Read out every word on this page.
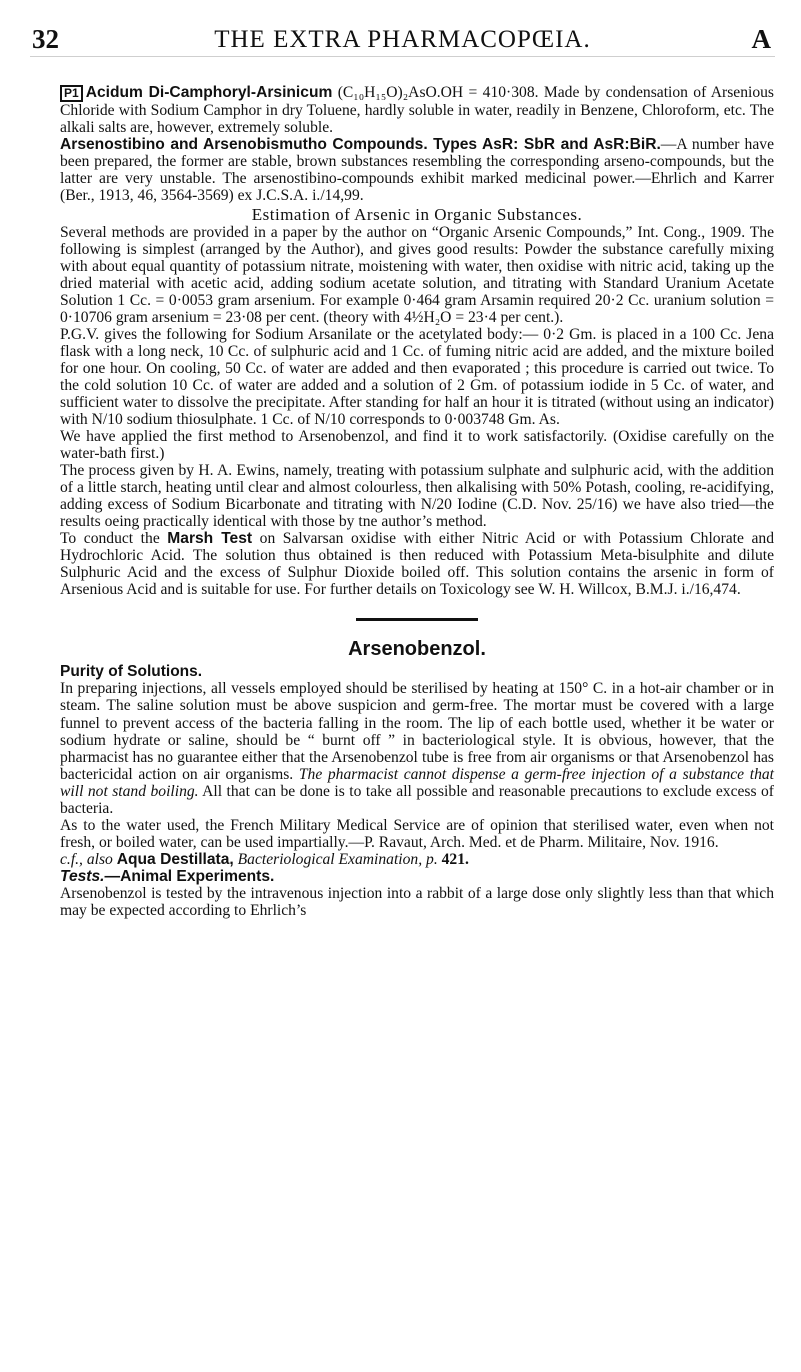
32	THE EXTRA PHARMACOPŒIA.	A

P1 Acidum Di-Camphoryl-Arsinicum (C₁₀H₁₅O)₂AsO.OH = 410·308. Made by condensation of Arsenious Chloride with Sodium Camphor in dry Toluene, hardly soluble in water, readily in Benzene, Chloroform, etc. The alkali salts are, however, extremely soluble.

Arsenostibino and Arsenobismutho Compounds. Types AsR: SbR and AsR:BiR.—A number have been prepared, the former are stable, brown substances resembling the corresponding arseno-compounds, but the latter are very unstable. The arsenostibino-compounds exhibit marked medicinal power.—Ehrlich and Karrer (Ber., 1913, 46, 3564-3569) ex J.C.S.A. i./14,99.

Estimation of Arsenic in Organic Substances.

Several methods are provided in a paper by the author on “Organic Arsenic Compounds,” Int. Cong., 1909. The following is simplest (arranged by the Author), and gives good results: Powder the substance carefully mixing with about equal quantity of potassium nitrate, moistening with water, then oxidise with nitric acid, taking up the dried material with acetic acid, adding sodium acetate solution, and titrating with Standard Uranium Acetate Solution 1 Cc. = 0·0053 gram arsenium. For example 0·464 gram Arsamin required 20·2 Cc. uranium solution = 0·10706 gram arsenium = 23·08 per cent. (theory with 4½H₂O = 23·4 per cent.).

P.G.V. gives the following for Sodium Arsanilate or the acetylated body:— 0·2 Gm. is placed in a 100 Cc. Jena flask with a long neck, 10 Cc. of sulphuric acid and 1 Cc. of fuming nitric acid are added, and the mixture boiled for one hour. On cooling, 50 Cc. of water are added and then evaporated ; this procedure is carried out twice. To the cold solution 10 Cc. of water are added and a solution of 2 Gm. of potassium iodide in 5 Cc. of water, and sufficient water to dissolve the precipitate. After standing for half an hour it is titrated (without using an indicator) with N/10 sodium thiosulphate. 1 Cc. of N/10 corresponds to 0·003748 Gm. As.

We have applied the first method to Arsenobenzol, and find it to work satisfactorily. (Oxidise carefully on the water-bath first.)

The process given by H. A. Ewins, namely, treating with potassium sulphate and sulphuric acid, with the addition of a little starch, heating until clear and almost colourless, then alkalising with 50% Potash, cooling, re-acidifying, adding excess of Sodium Bicarbonate and titrating with N/20 Iodine (C.D. Nov. 25/16) we have also tried—the results oeing practically identical with those by tne author’s method.

To conduct the Marsh Test on Salvarsan oxidise with either Nitric Acid or with Potassium Chlorate and Hydrochloric Acid. The solution thus obtained is then reduced with Potassium Meta-bisulphite and dilute Sulphuric Acid and the excess of Sulphur Dioxide boiled off. This solution contains the arsenic in form of Arsenious Acid and is suitable for use. For further details on Toxicology see W. H. Willcox, B.M.J. i./16,474.

Arsenobenzol.

Purity of Solutions.

In preparing injections, all vessels employed should be sterilised by heating at 150° C. in a hot-air chamber or in steam. The saline solution must be above suspicion and germ-free. The mortar must be covered with a large funnel to prevent access of the bacteria falling in the room. The lip of each bottle used, whether it be water or sodium hydrate or saline, should be “ burnt off ” in bacteriological style. It is obvious, however, that the pharmacist has no guarantee either that the Arsenobenzol tube is free from air organisms or that Arsenobenzol has bactericidal action on air organisms. The pharmacist cannot dispense a germ-free injection of a substance that will not stand boiling. All that can be done is to take all possible and reasonable precautions to exclude excess of bacteria.

As to the water used, the French Military Medical Service are of opinion that sterilised water, even when not fresh, or boiled water, can be used impartially.—P. Ravaut, Arch. Med. et de Pharm. Militaire, Nov. 1916.

c.f., also Aqua Destillata, Bacteriological Examination, p. 421.

Tests.—Animal Experiments.

Arsenobenzol is tested by the intravenous injection into a rabbit of a large dose only slightly less than that which may be expected according to Ehrlich’s
